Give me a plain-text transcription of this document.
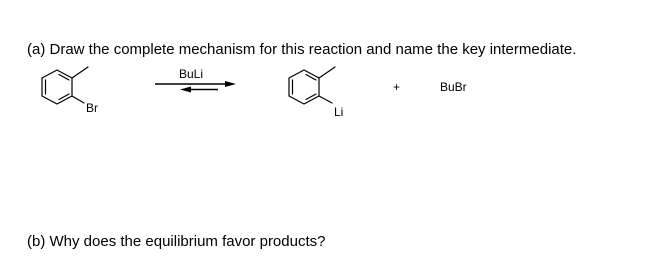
(a) Draw the complete mechanism for this reaction and name the key intermediate.
Br
BuLi
Li
+	BuBr
(b) Why does the equilibrium favor products?
